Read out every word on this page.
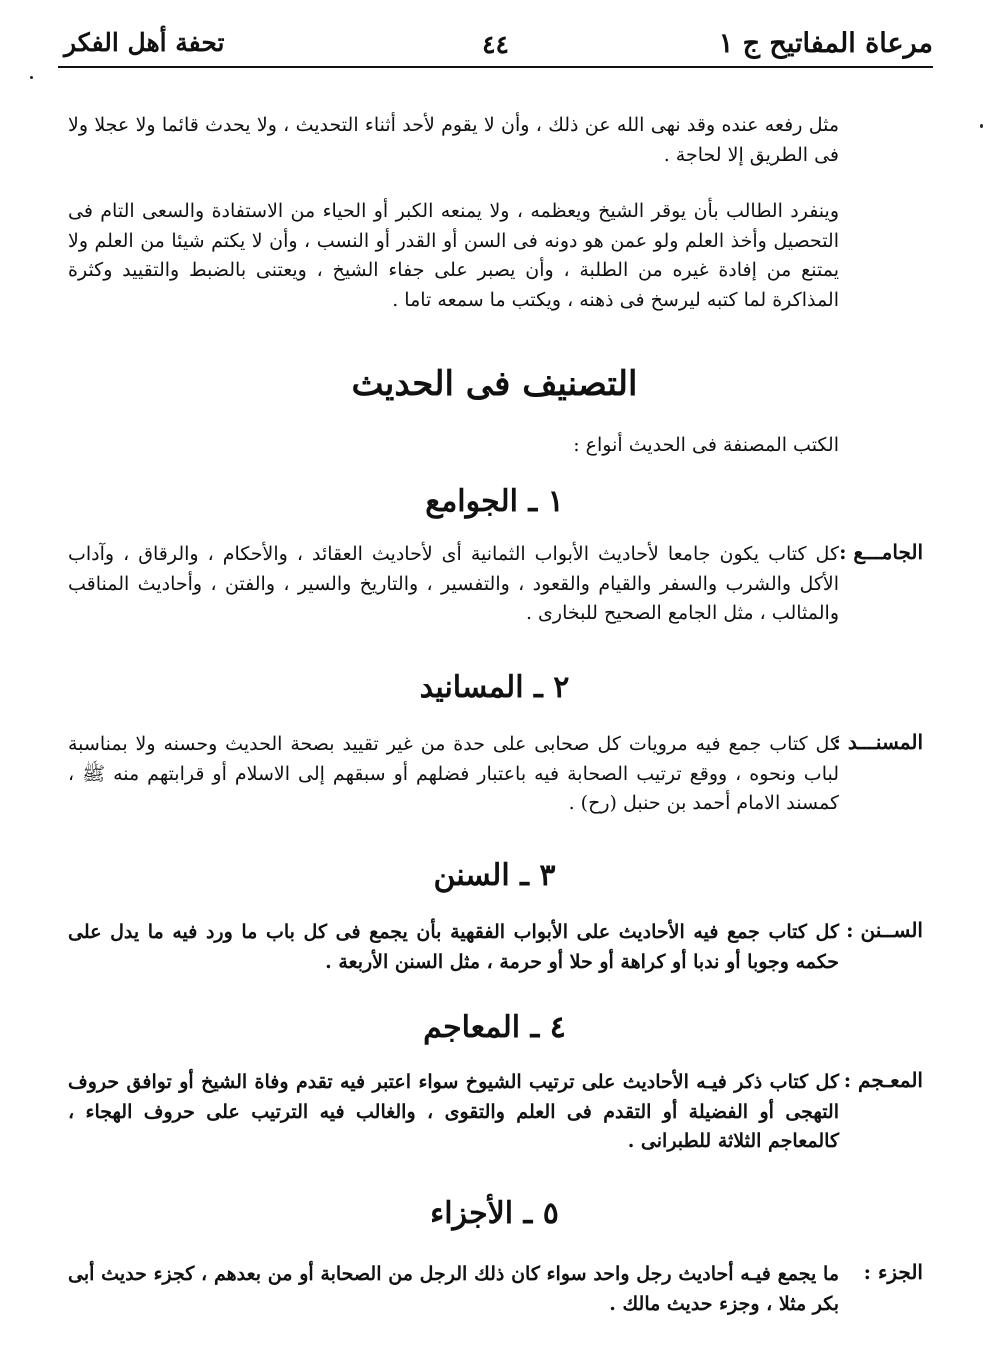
مرعاة المفاتيح ج ١
٤٤
تحفة أهل الفكر

مثل رفعه عنده وقد نهى الله عن ذلك ، وأن لا يقوم لأحد أثناء التحديث ، ولا يحدث قائما ولا عجلا ولا فى الطريق إلا لحاجة .

وينفرد الطالب بأن يوقر الشيخ ويعظمه ، ولا يمنعه الكبر أو الحياء من الاستفادة والسعى التام فى التحصيل وأخذ العلم ولو عمن هو دونه فى السن أو القدر أو النسب ، وأن لا يكتم شيئا من العلم ولا يمتنع من إفادة غيره من الطلبة ، وأن يصبر على جفاء الشيخ ، ويعتنى بالضبط والتقييد وكثرة المذاكرة لما كتبه ليرسخ فى ذهنه ، ويكتب ما سمعه تاما .

التصنيف فى الحديث

الكتب المصنفة فى الحديث أنواع :

١ ـ الجوامع
الجامـــع :

كل كتاب يكون جامعا لأحاديث الأبواب الثمانية أى لأحاديث العقائد ، والأحكام ، والرقاق ، وآداب الأكل والشرب والسفر والقيام والقعود ، والتفسير ، والتاريخ والسير ، والفتن ، وأحاديث المناقب والمثالب ، مثل الجامع الصحيح للبخارى .

٢ ـ المسانيد
المسنـــد :

كل كتاب جمع فيه مرويات كل صحابى على حدة من غير تقييد بصحة الحديث وحسنه ولا بمناسبة لباب ونحوه ، ووقع ترتيب الصحابة فيه باعتبار فضلهم أو سبقهم إلى الاسلام أو قرابتهم منه ﷺ ، كمسند الامام أحمد بن حنبل (رح) .

٣ ـ السنن
الســنن :

كل كتاب جمع فيه الأحاديث على الأبواب الفقهية بأن يجمع فى كل باب ما ورد فيه ما يدل على حكمه وجوبا أو ندبا أو كراهة أو حلا أو حرمة ، مثل السنن الأربعة .

٤ ـ المعاجم
المعـجم :

كل كتاب ذكر فيـه الأحاديث على ترتيب الشيوخ سواء اعتبر فيه تقدم وفاة الشيخ أو توافق حروف التهجى أو الفضيلة أو التقدم فى العلم والتقوى ، والغالب فيه الترتيب على حروف الهجاء ، كالمعاجم الثلاثة للطبرانى .

٥ ـ الأجزاء
الجزء :

ما يجمع فيـه أحاديث رجل واحد سواء كان ذلك الرجل من الصحابة أو من بعدهم ، كجزء حديث أبى بكر مثلا ، وجزء حديث مالك .
